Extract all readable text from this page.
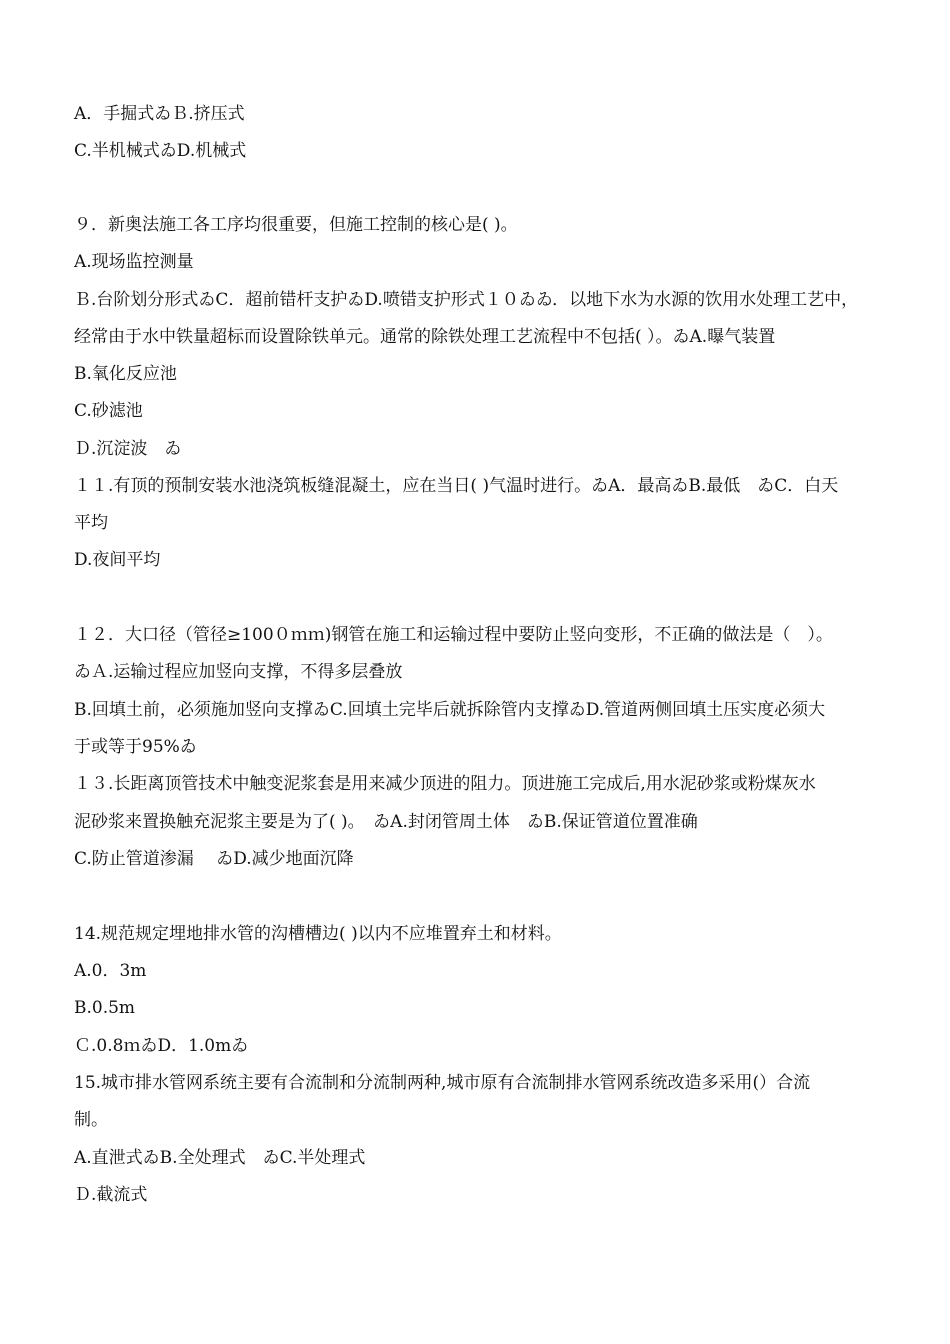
A．手掘式ゐＢ.挤压式
C.半机械式ゐD.机械式
９．新奥法施工各工序均很重要，但施工控制的核心是( )。
A.现场监控测量
Ｂ.台阶划分形式ゐC．超前错杆支护ゐD.喷错支护形式１０ゐゐ．以地下水为水源的饮用水处理工艺中，
经常由于水中铁量超标而设置除铁单元。通常的除铁处理工艺流程中不包括( ）。ゐA.曝气装置
B.氧化反应池
C.砂滤池
Ｄ.沉淀波　ゐ
１１.有顶的预制安装水池浇筑板缝混凝土，应在当日( )气温时进行。ゐA．最高ゐB.最低　ゐC．白天
平均
D.夜间平均
１２．大口径（管径≥100０ｍｍ)钢管在施工和运输过程中要防止竖向变形，不正确的做法是（　）。
ゐＡ.运输过程应加竖向支撑，不得多层叠放
B.回填土前，必须施加竖向支撑ゐC.回填土完毕后就拆除管内支撑ゐD.管道两侧回填土压实度必须大
于或等于95%ゐ
１３.长距离顶管技术中触变泥浆套是用来减少顶进的阻力。顶进施工完成后,用水泥砂浆或粉煤灰水
泥砂浆来置换触充泥浆主要是为了( )。　ゐA.封闭管周土体　ゐB.保证管道位置准确
C.防止管道渗漏　 ゐD.减少地面沉降
14.规范规定埋地排水管的沟槽槽边( )以内不应堆置弃土和材料。
A.0．3m
B.0.5m
Ｃ.0.8ｍゐD．1.0mゐ
15.城市排水管网系统主要有合流制和分流制两种,城市原有合流制排水管网系统改造多采用(）合流
制。
A.直泄式ゐB.全处理式　ゐC.半处理式
Ｄ.截流式
